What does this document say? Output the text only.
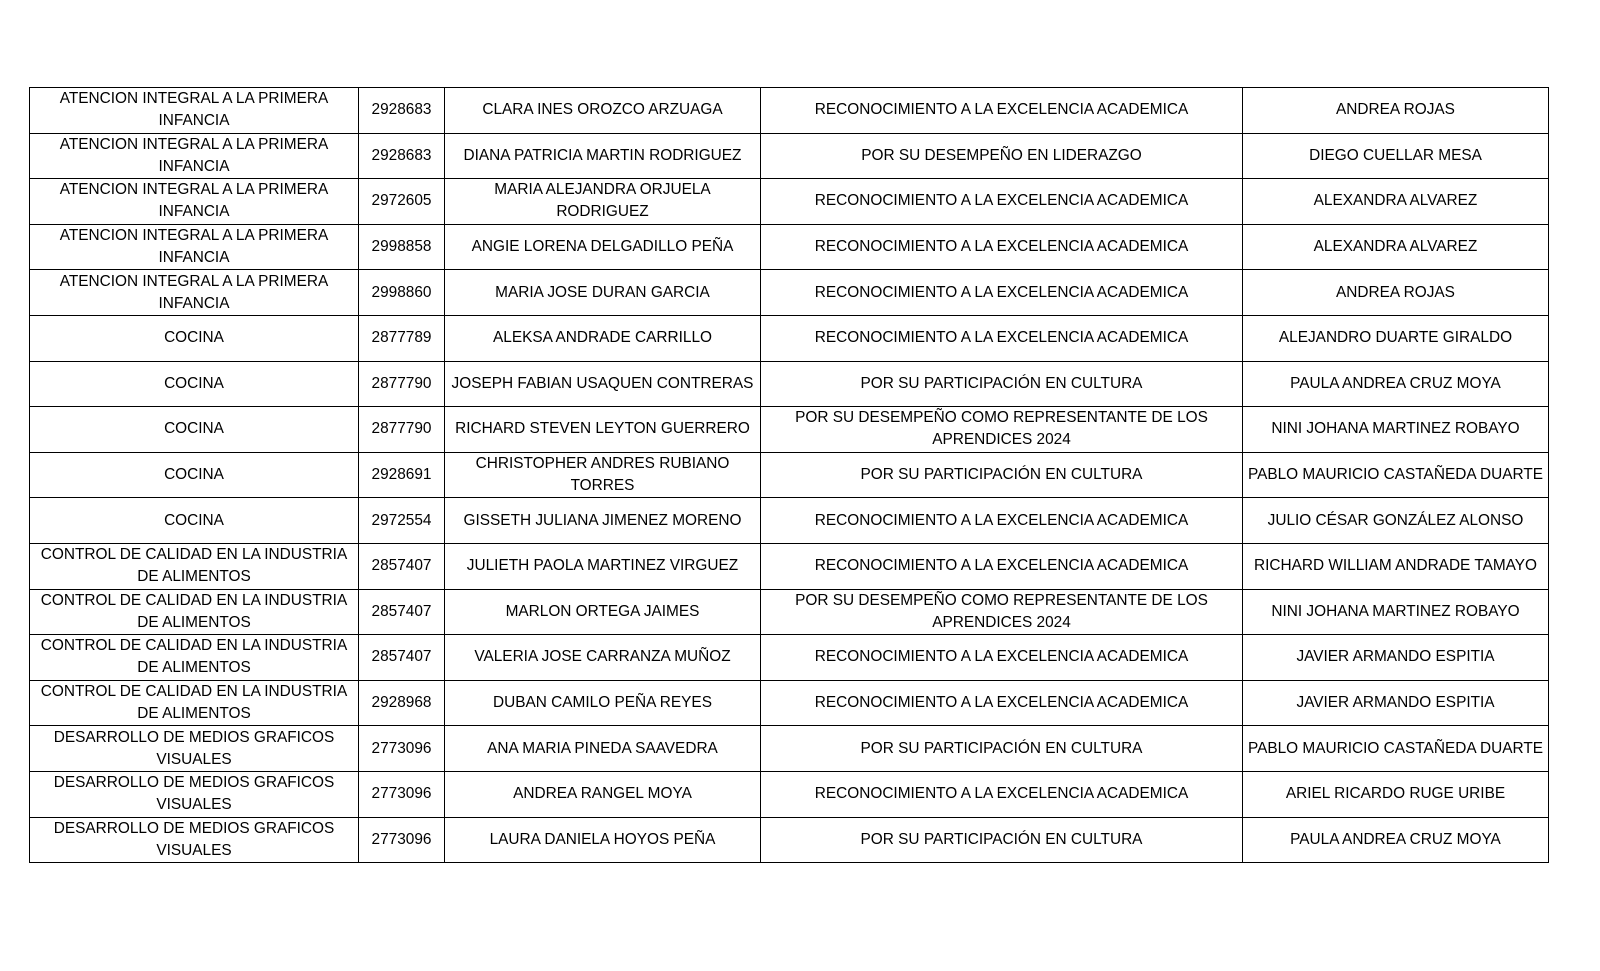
ATENCION INTEGRAL A LA PRIMERA INFANCIA	2928683	CLARA INES OROZCO ARZUAGA	RECONOCIMIENTO A LA EXCELENCIA ACADEMICA	ANDREA ROJAS
ATENCION INTEGRAL A LA PRIMERA INFANCIA	2928683	DIANA PATRICIA MARTIN RODRIGUEZ	POR SU DESEMPEÑO EN LIDERAZGO	DIEGO CUELLAR MESA
ATENCION INTEGRAL A LA PRIMERA INFANCIA	2972605	MARIA ALEJANDRA ORJUELA RODRIGUEZ	RECONOCIMIENTO A LA EXCELENCIA ACADEMICA	ALEXANDRA ALVAREZ
ATENCION INTEGRAL A LA PRIMERA INFANCIA	2998858	ANGIE LORENA DELGADILLO PEÑA	RECONOCIMIENTO A LA EXCELENCIA ACADEMICA	ALEXANDRA ALVAREZ
ATENCION INTEGRAL A LA PRIMERA INFANCIA	2998860	MARIA JOSE DURAN GARCIA	RECONOCIMIENTO A LA EXCELENCIA ACADEMICA	ANDREA ROJAS
COCINA	2877789	ALEKSA ANDRADE CARRILLO	RECONOCIMIENTO A LA EXCELENCIA ACADEMICA	ALEJANDRO DUARTE GIRALDO
COCINA	2877790	JOSEPH FABIAN USAQUEN CONTRERAS	POR SU PARTICIPACIÓN EN CULTURA	PAULA ANDREA CRUZ MOYA
COCINA	2877790	RICHARD STEVEN LEYTON GUERRERO	POR SU DESEMPEÑO COMO REPRESENTANTE DE LOS APRENDICES 2024	NINI JOHANA MARTINEZ ROBAYO
COCINA	2928691	CHRISTOPHER ANDRES RUBIANO TORRES	POR SU PARTICIPACIÓN EN CULTURA	PABLO MAURICIO CASTAÑEDA DUARTE
COCINA	2972554	GISSETH JULIANA JIMENEZ MORENO	RECONOCIMIENTO A LA EXCELENCIA ACADEMICA	JULIO CÉSAR GONZÁLEZ ALONSO
CONTROL DE CALIDAD EN LA INDUSTRIA DE ALIMENTOS	2857407	JULIETH PAOLA MARTINEZ VIRGUEZ	RECONOCIMIENTO A LA EXCELENCIA ACADEMICA	RICHARD WILLIAM ANDRADE TAMAYO
CONTROL DE CALIDAD EN LA INDUSTRIA DE ALIMENTOS	2857407	MARLON ORTEGA JAIMES	POR SU DESEMPEÑO COMO REPRESENTANTE DE LOS APRENDICES 2024	NINI JOHANA MARTINEZ ROBAYO
CONTROL DE CALIDAD EN LA INDUSTRIA DE ALIMENTOS	2857407	VALERIA JOSE CARRANZA MUÑOZ	RECONOCIMIENTO A LA EXCELENCIA ACADEMICA	JAVIER ARMANDO ESPITIA
CONTROL DE CALIDAD EN LA INDUSTRIA DE ALIMENTOS	2928968	DUBAN CAMILO PEÑA REYES	RECONOCIMIENTO A LA EXCELENCIA ACADEMICA	JAVIER ARMANDO ESPITIA
DESARROLLO DE MEDIOS GRAFICOS VISUALES	2773096	ANA MARIA PINEDA SAAVEDRA	POR SU PARTICIPACIÓN EN CULTURA	PABLO MAURICIO CASTAÑEDA DUARTE
DESARROLLO DE MEDIOS GRAFICOS VISUALES	2773096	ANDREA RANGEL MOYA	RECONOCIMIENTO A LA EXCELENCIA ACADEMICA	ARIEL RICARDO RUGE URIBE
DESARROLLO DE MEDIOS GRAFICOS VISUALES	2773096	LAURA DANIELA HOYOS PEÑA	POR SU PARTICIPACIÓN EN CULTURA	PAULA ANDREA CRUZ MOYA
